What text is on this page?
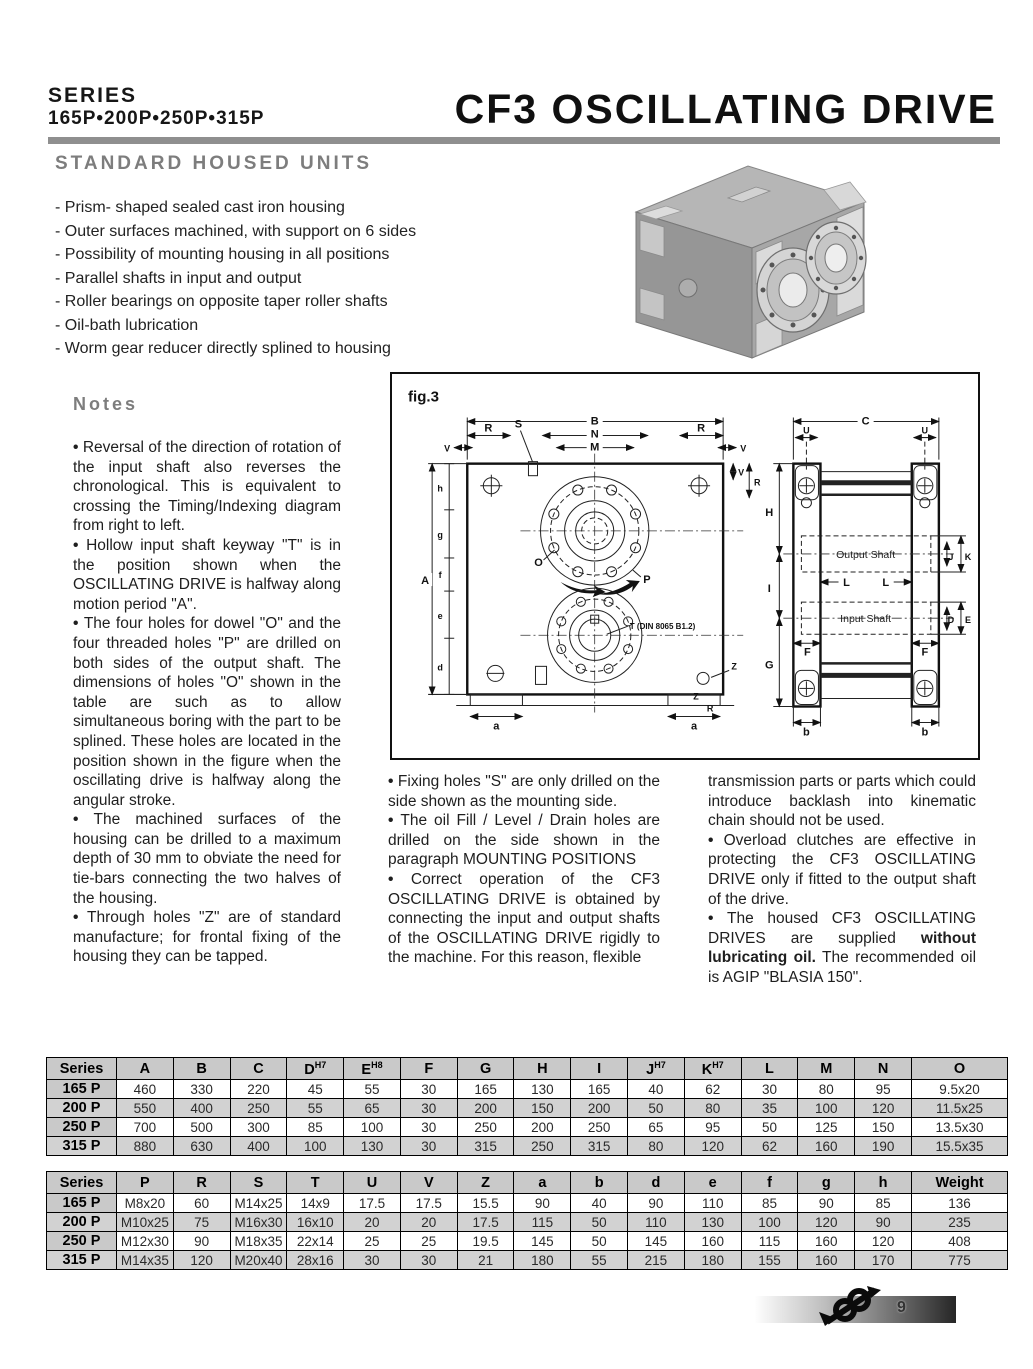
SERIES
165P•200P•250P•315P	CF3 OSCILLATING DRIVE
STANDARD HOUSED UNITS
- Prism- shaped sealed cast iron housing
- Outer surfaces machined, with support on 6 sides
- Possibility of mounting housing in all positions
- Parallel shafts in input and output
- Roller bearings on opposite taper roller shafts
- Oil-bath lubrication
- Worm gear reducer directly splined to housing
Notes

• Reversal of the direction of rotation of the input shaft also reverses the chronological. This is equivalent to crossing the Timing/Indexing diagram from right to left.

• Hollow input shaft keyway "T" is in the position shown when the OSCILLATING DRIVE is halfway along motion period "A".

• The four holes for dowel "O" and the four threaded holes "P" are drilled on both sides of the output shaft. The dimensions of holes "O" shown in the table are such as to allow simultaneous boring with the part to be splined. These holes are located in the position shown in the figure when the oscillating drive is halfway along the angular stroke.

• The machined surfaces of the housing can be drilled to a maximum depth of 30 mm to obviate the need for tie-bars connecting the two halves of the housing.

• Through holes "Z" are of standard manufacture; for frontal fixing of the housing they can be tapped.

fig.3
B
N
M
R	R
V	V
S
A
h
g
f
e
d
a	a
O
P
T (DIN 8065 B1.2)
Z
V
R
Z
R
Output Shaft
Input Shaft
C
U	U
H
I
G
J K
D E
L	L
F	F
b	b

• Fixing holes "S" are only drilled on the side shown as the mounting side.

• The oil Fill / Level / Drain holes are drilled on the side shown in the paragraph MOUNTING POSITIONS

• Correct operation of the CF3 OSCILLATING DRIVE is obtained by connecting the input and output shafts of the OSCILLATING DRIVE rigidly to the machine. For this reason, flexible

transmission parts or parts which could introduce backlash into kinematic chain should not be used.

• Overload clutches are effective in protecting the CF3 OSCILLATING DRIVE only if fitted to the output shaft of the drive.

• The housed CF3 OSCILLATING DRIVES are supplied without lubricating oil. The recommended oil is AGIP "BLASIA 150".

Series	A	B	C	$D^{H7}$	$E^{H8}$	F	G	H	I	$J^{H7}$	$K^{H7}$	L	M	N	O
165 P	460	330	220	45	55	30	165	130	165	40	62	30	80	95	9.5x20
200 P	550	400	250	55	65	30	200	150	200	50	80	35	100	120	11.5x25
250 P	700	500	300	85	100	30	250	200	250	65	95	50	125	150	13.5x30
315 P	880	630	400	100	130	30	315	250	315	80	120	62	160	190	15.5x35
Series	P	R	S	T	U	V	Z	a	b	d	e	f	g	h	Weight
165 P	M8x20	60	M14x25	14x9	17.5	17.5	15.5	90	40	90	110	85	90	85	136
200 P	M10x25	75	M16x30	16x10	20	20	17.5	115	50	110	130	100	120	90	235
250 P	M12x30	90	M18x35	22x14	25	25	19.5	145	50	145	160	115	160	120	408
315 P	M14x35	120	M20x40	28x16	30	30	21	180	55	215	180	155	160	170	775
9
